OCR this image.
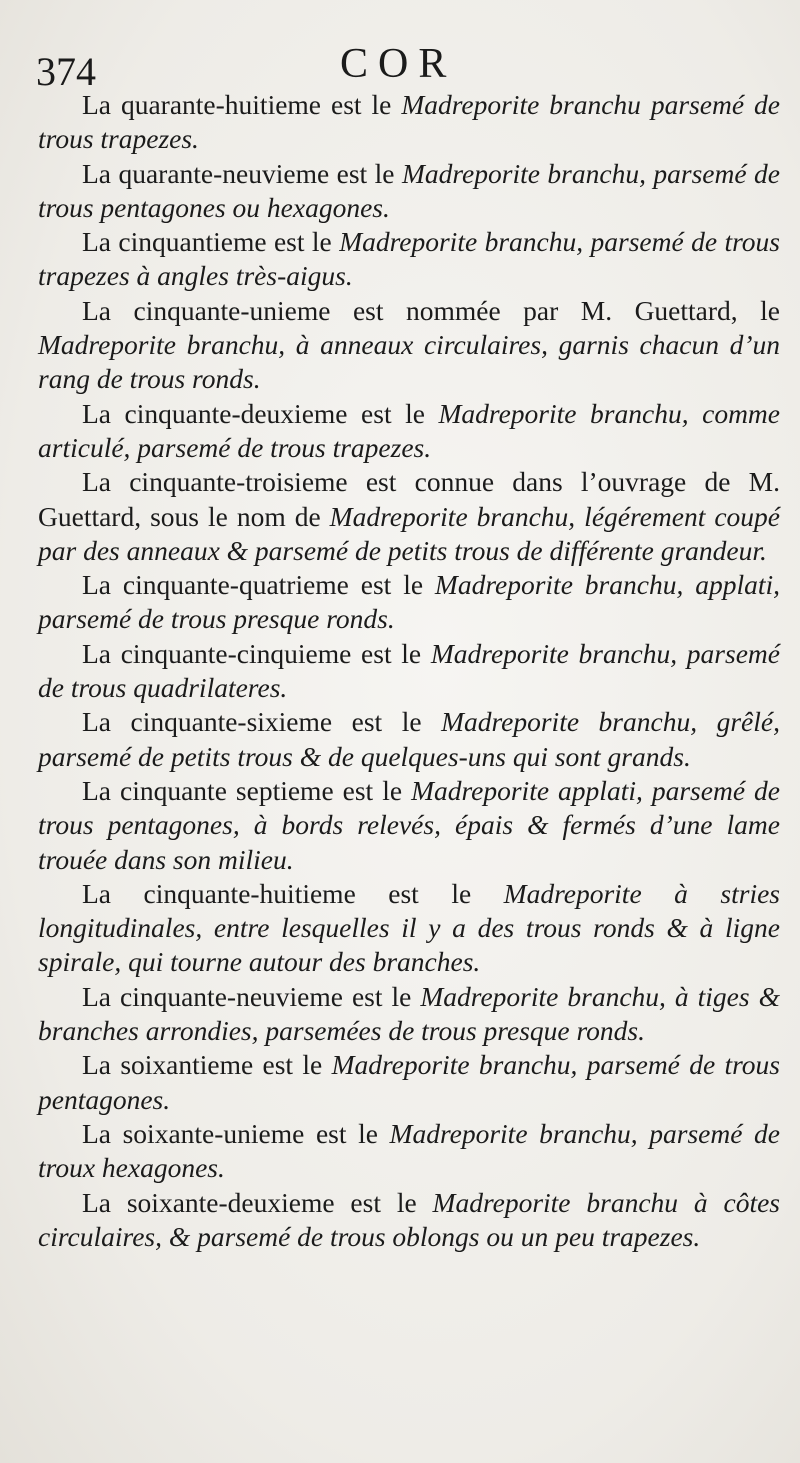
374	COR

La quarante-huitieme est le Madreporite branchu parsemé de trous trapezes.

La quarante-neuvieme est le Madreporite branchu, parsemé de trous pentagones ou hexagones.

La cinquantieme est le Madreporite branchu, parsemé de trous trapezes à angles très-aigus.

La cinquante-unieme est nommée par M. Guettard, le Madreporite branchu, à anneaux circulaires, garnis chacun d’un rang de trous ronds.

La cinquante-deuxieme est le Madreporite branchu, comme articulé, parsemé de trous trapezes.

La cinquante-troisieme est connue dans l’ouvrage de M. Guettard, sous le nom de Madreporite branchu, légérement coupé par des anneaux & parsemé de petits trous de différente grandeur.

La cinquante-quatrieme est le Madreporite branchu, applati, parsemé de trous presque ronds.

La cinquante-cinquieme est le Madreporite branchu, parsemé de trous quadrilateres.

La cinquante-sixieme est le Madreporite branchu, grêlé, parsemé de petits trous & de quelques-uns qui sont grands.

La cinquante septieme est le Madreporite applati, parsemé de trous pentagones, à bords relevés, épais & fermés d’une lame trouée dans son milieu.

La cinquante-huitieme est le Madreporite à stries longitudinales, entre lesquelles il y a des trous ronds & à ligne spirale, qui tourne autour des branches.

La cinquante-neuvieme est le Madreporite branchu, à tiges & branches arrondies, parsemées de trous presque ronds.

La soixantieme est le Madreporite branchu, parsemé de trous pentagones.

La soixante-unieme est le Madreporite branchu, parsemé de troux hexagones.

La soixante-deuxieme est le Madreporite branchu à côtes circulaires, & parsemé de trous oblongs ou un peu trapezes.
